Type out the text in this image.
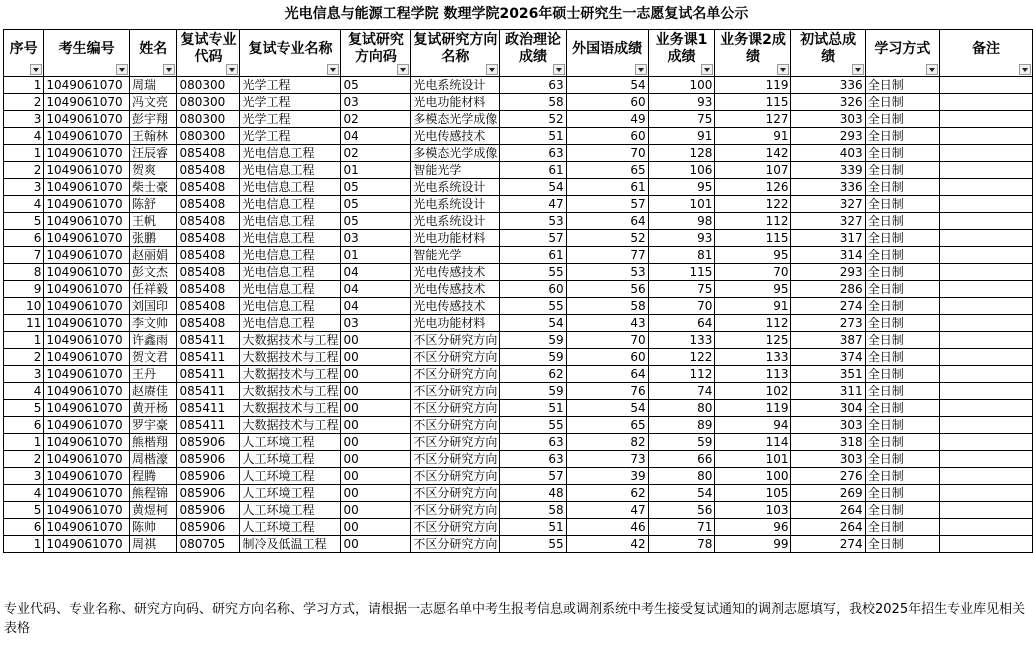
光电信息与能源工程学院 数理学院2026年硕士研究生一志愿复试名单公示
序号	考生编号	姓名	复试专业代码	复试专业名称	复试研究方向码	复试研究方向名称	政治理论成绩	外国语成绩	业务课1成绩	业务课2成绩	初试总成绩	学习方式	备注

1	1049061070	周瑞	080300	光学工程	05	光电系统设计	63	54	100	119	336	全日制	
2	1049061070	冯文亮	080300	光学工程	03	光电功能材料	58	60	93	115	326	全日制	
3	1049061070	彭宇翔	080300	光学工程	02	多模态光学成像	52	49	75	127	303	全日制	
4	1049061070	王翰林	080300	光学工程	04	光电传感技术	51	60	91	91	293	全日制	
1	1049061070	汪辰睿	085408	光电信息工程	02	多模态光学成像	63	70	128	142	403	全日制	
2	1049061070	贺爽	085408	光电信息工程	01	智能光学	61	65	106	107	339	全日制	
3	1049061070	柴士豪	085408	光电信息工程	05	光电系统设计	54	61	95	126	336	全日制	
4	1049061070	陈舒	085408	光电信息工程	05	光电系统设计	47	57	101	122	327	全日制	
5	1049061070	王帆	085408	光电信息工程	05	光电系统设计	53	64	98	112	327	全日制	
6	1049061070	张鹏	085408	光电信息工程	03	光电功能材料	57	52	93	115	317	全日制	
7	1049061070	赵丽娟	085408	光电信息工程	01	智能光学	61	77	81	95	314	全日制	
8	1049061070	彭文杰	085408	光电信息工程	04	光电传感技术	55	53	115	70	293	全日制	
9	1049061070	任祥毅	085408	光电信息工程	04	光电传感技术	60	56	75	95	286	全日制	
10	1049061070	刘国印	085408	光电信息工程	04	光电传感技术	55	58	70	91	274	全日制	
11	1049061070	李文帅	085408	光电信息工程	03	光电功能材料	54	43	64	112	273	全日制	
1	1049061070	许鑫雨	085411	大数据技术与工程	00	不区分研究方向	59	70	133	125	387	全日制	
2	1049061070	贺文君	085411	大数据技术与工程	00	不区分研究方向	59	60	122	133	374	全日制	
3	1049061070	王丹	085411	大数据技术与工程	00	不区分研究方向	62	64	112	113	351	全日制	
4	1049061070	赵赓佳	085411	大数据技术与工程	00	不区分研究方向	59	76	74	102	311	全日制	
5	1049061070	黄开杨	085411	大数据技术与工程	00	不区分研究方向	51	54	80	119	304	全日制	
6	1049061070	罗宇豪	085411	大数据技术与工程	00	不区分研究方向	55	65	89	94	303	全日制	
1	1049061070	熊楷翔	085906	人工环境工程	00	不区分研究方向	63	82	59	114	318	全日制	
2	1049061070	周楷濠	085906	人工环境工程	00	不区分研究方向	63	73	66	101	303	全日制	
3	1049061070	程腾	085906	人工环境工程	00	不区分研究方向	57	39	80	100	276	全日制	
4	1049061070	熊程锦	085906	人工环境工程	00	不区分研究方向	48	62	54	105	269	全日制	
5	1049061070	黄煜柯	085906	人工环境工程	00	不区分研究方向	58	47	56	103	264	全日制	
6	1049061070	陈帅	085906	人工环境工程	00	不区分研究方向	51	46	71	96	264	全日制	
1	1049061070	周祺	080705	制冷及低温工程	00	不区分研究方向	55	42	78	99	274	全日制	
专业代码、专业名称、研究方向码、研究方向名称、学习方式，请根据一志愿名单中考生报考信息或调剂系统中考生接受复试通知的调剂志愿填写，我校2025年招生专业库见相关表格
